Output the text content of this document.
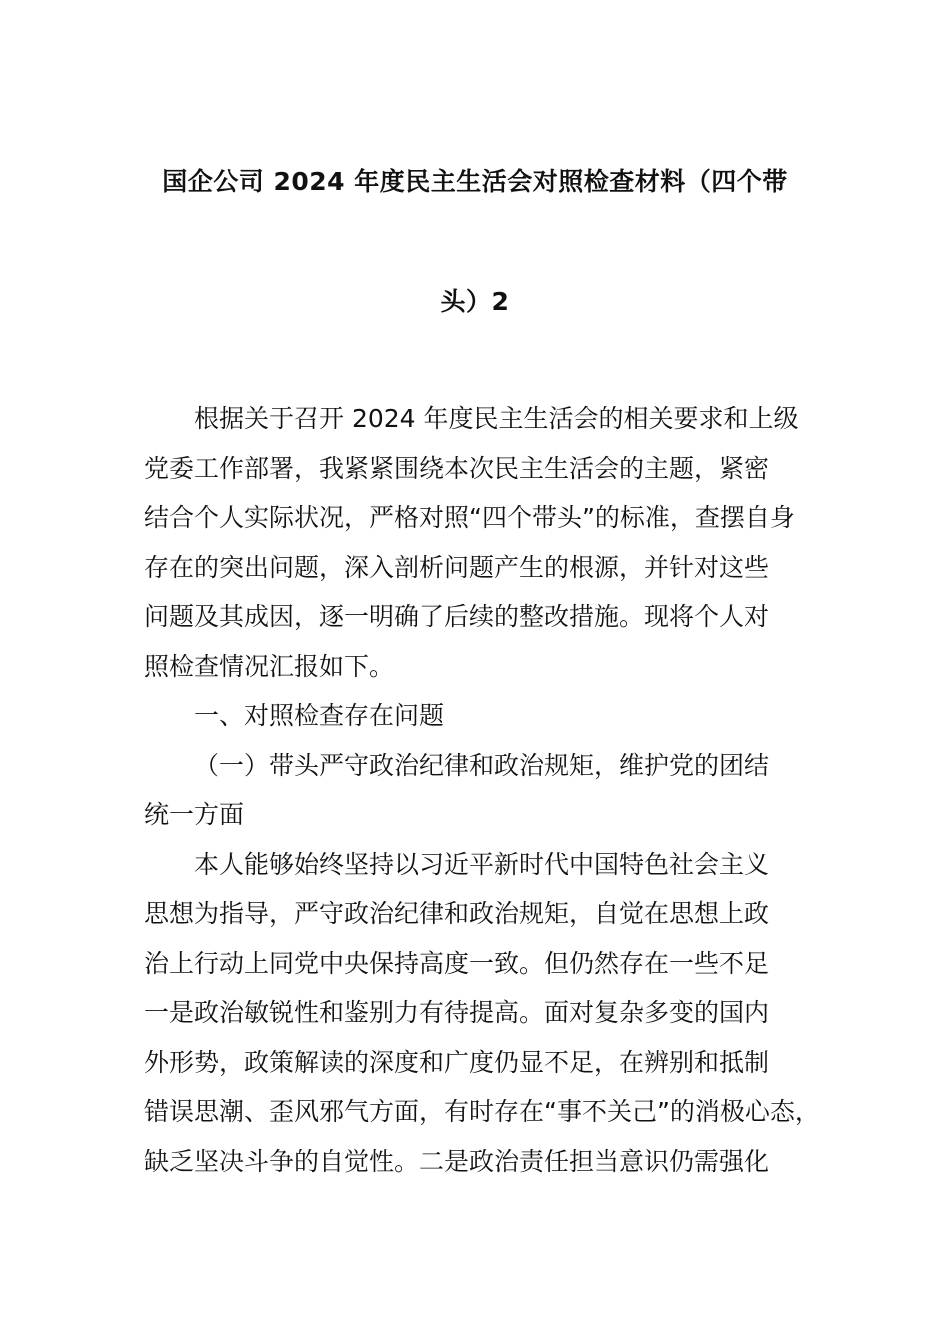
国企公司 2024 年度民主生活会对照检查材料（四个带
头）2
根据关于召开 2024 年度民主生活会的相关要求和上级
党委工作部署，我紧紧围绕本次民主生活会的主题，紧密
结合个人实际状况，严格对照“四个带头”的标准，查摆自身
存在的突出问题，深入剖析问题产生的根源，并针对这些
问题及其成因，逐一明确了后续的整改措施。现将个人对
照检查情况汇报如下。
一、对照检查存在问题
（一）带头严守政治纪律和政治规矩，维护党的团结
统一方面
本人能够始终坚持以习近平新时代中国特色社会主义
思想为指导，严守政治纪律和政治规矩，自觉在思想上政
治上行动上同党中央保持高度一致。但仍然存在一些不足
一是政治敏锐性和鉴别力有待提高。面对复杂多变的国内
外形势，政策解读的深度和广度仍显不足，在辨别和抵制
错误思潮、歪风邪气方面，有时存在“事不关己”的消极心态，
缺乏坚决斗争的自觉性。二是政治责任担当意识仍需强化
